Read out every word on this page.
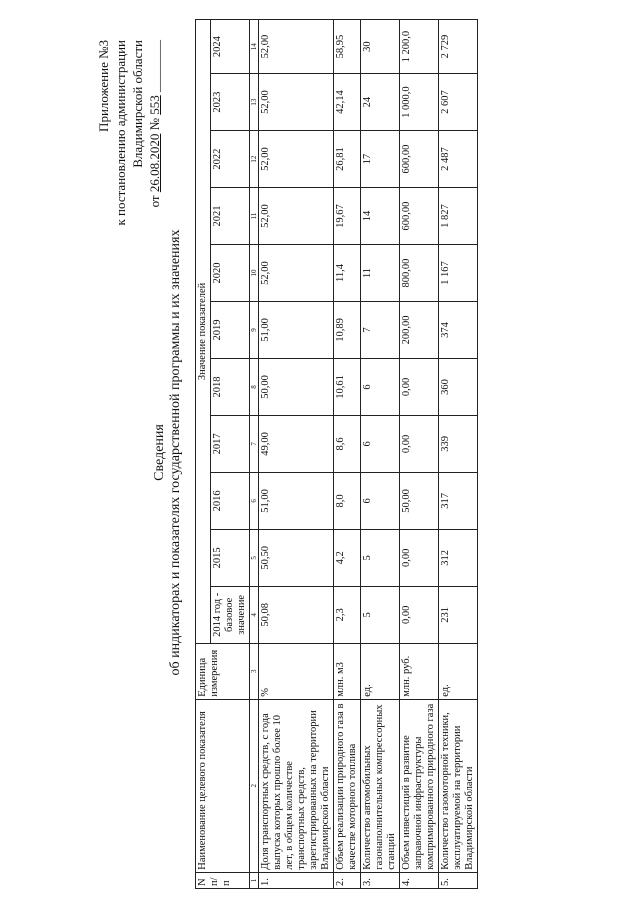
Приложение №3 к постановлению администрации Владимирской области
от 26.08.2020 № 553 ________
Сведения об индикаторах и показателях государственной программы и их значениях
N п/п	Наименование целевого показателя	Единица измерения	Значение показателей										
			2014 год - базовое значение	2015	2016	2017	2018	2019	2020	2021	2022	2023	2024
1	2	3	4	5	6	7	8	9	10	11	12	13	14
1.	Доля транспортных средств, с года выпуска которых прошло более 10 лет, в общем количестве транспортных средств, зарегистрированных на территории Владимирской области	%	50,08	50,50	51,00	49,00	50,00	51,00	52,00	52,00	52,00	52,00	52,00
2.	Объем реализации природного газа в качестве моторного топлива	млн. м3	2,3	4,2	8,0	8,6	10,61	10,89	11,4	19,67	26,81	42,14	58,95
3.	Количество автомобильных газонаполнительных компрессорных станций	ед.	5	5	6	6	6	7	11	14	17	24	30
4.	Объем инвестиций в развитие заправочной инфраструктуры компримированного природного газа	млн. руб.	0,00	0,00	50,00	0,00	0,00	200,00	800,00	600,00	600,00	1 000,0	1 200,0
5.	Количество газомоторной техники, эксплуатируемой на территории Владимирской области	ед.	231	312	317	339	360	374	1 167	1 827	2 487	2 607	2 729
